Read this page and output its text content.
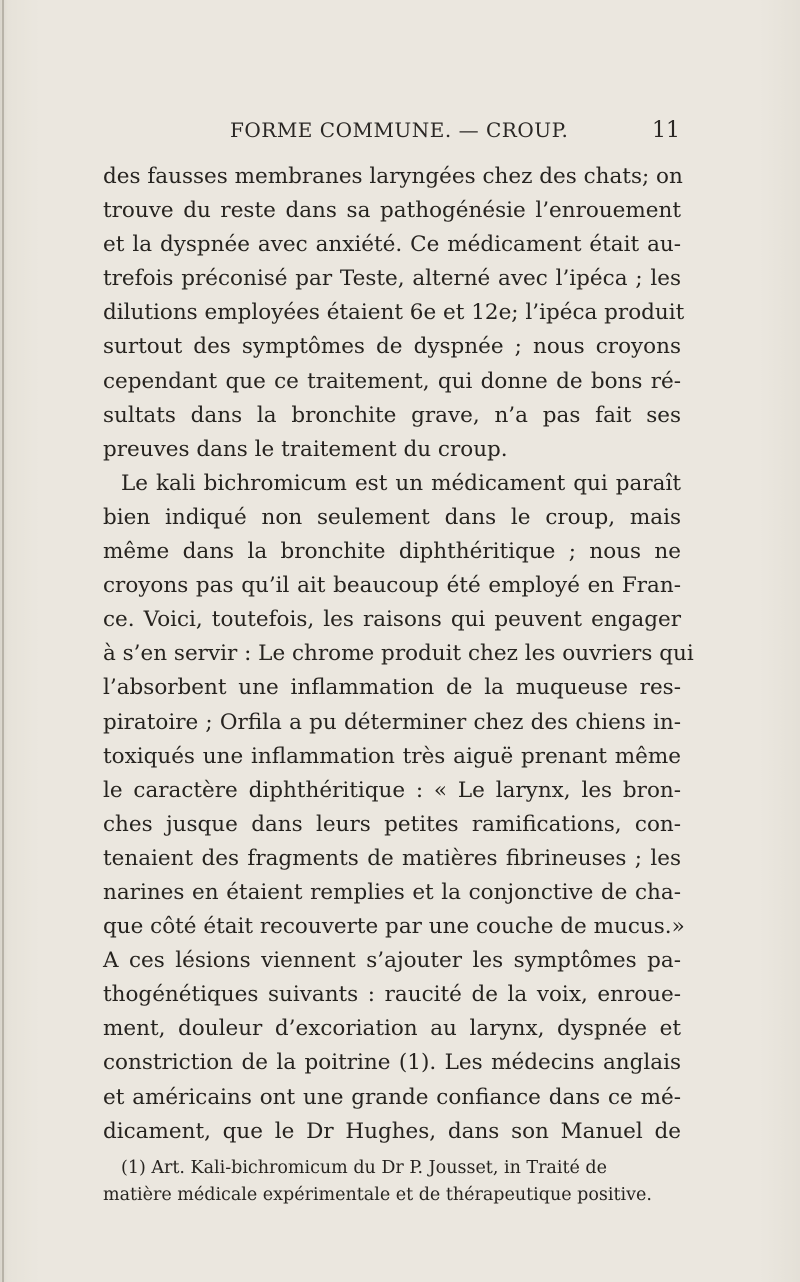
FORME COMMUNE. — CROUP.	11
des fausses membranes laryngées chez des chats; on
trouve du reste dans sa pathogénésie l’enrouement
et la dyspnée avec anxiété. Ce médicament était au-
trefois préconisé par Teste, alterné avec l’ipéca ; les
dilutions employées étaient 6e et 12e; l’ipéca produit
surtout des symptômes de dyspnée ; nous croyons
cependant que ce traitement, qui donne de bons ré-
sultats dans la bronchite grave, n’a pas fait ses
preuves dans le traitement du croup.
Le kali bichromicum est un médicament qui paraît
bien indiqué non seulement dans le croup, mais
même dans la bronchite diphthéritique ; nous ne
croyons pas qu’il ait beaucoup été employé en Fran-
ce. Voici, toutefois, les raisons qui peuvent engager
à s’en servir : Le chrome produit chez les ouvriers qui
l’absorbent une inflammation de la muqueuse res-
piratoire ; Orfila a pu déterminer chez des chiens in-
toxiqués une inflammation très aiguë prenant même
le caractère diphthéritique : « Le larynx, les bron-
ches jusque dans leurs petites ramifications, con-
tenaient des fragments de matières fibrineuses ; les
narines en étaient remplies et la conjonctive de cha-
que côté était recouverte par une couche de mucus.»
A ces lésions viennent s’ajouter les symptômes pa-
thogénétiques suivants : raucité de la voix, enroue-
ment, douleur d’excoriation au larynx, dyspnée et
constriction de la poitrine (1). Les médecins anglais
et américains ont une grande confiance dans ce mé-
dicament, que le Dr Hughes, dans son Manuel de
(1) Art. Kali-bichromicum du Dr P. Jousset, in Traité de
matière médicale expérimentale et de thérapeutique positive.
